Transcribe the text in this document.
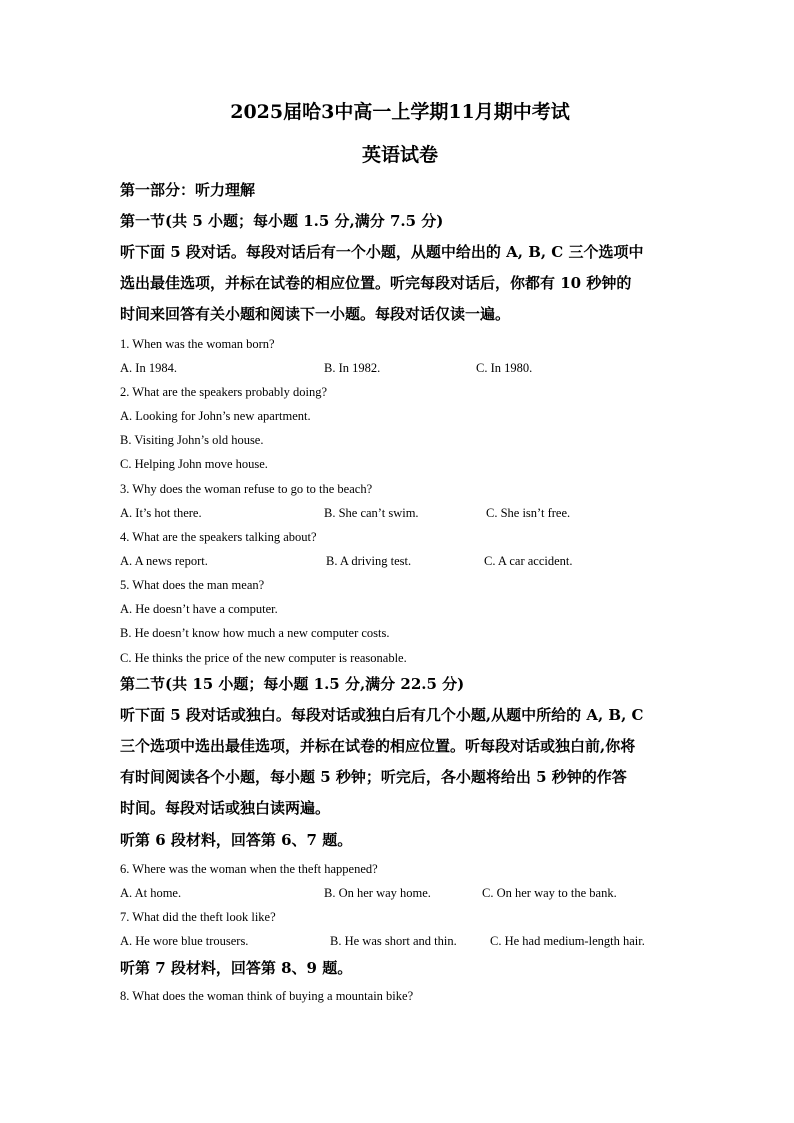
2025届哈3中高一上学期11月期中考试
英语试卷
第一部分：听力理解
第一节(共 5 小题；每小题 1.5 分,满分 7.5 分)
听下面 5 段对话。每段对话后有一个小题，从题中给出的 A, B, C 三个选项中
选出最佳选项，并标在试卷的相应位置。听完每段对话后，你都有 10 秒钟的
时间来回答有关小题和阅读下一小题。每段对话仅读一遍。
1. When was the woman born?
A. In 1984.	B. In 1982.	C. In 1980.
2. What are the speakers probably doing?
A. Looking for John’s new apartment.
B. Visiting John’s old house.
C. Helping John move house.
3. Why does the woman refuse to go to the beach?
A. It’s hot there.	B. She can’t swim.	C. She isn’t free.
4. What are the speakers talking about?
A. A news report.	B. A driving test.	C. A car accident.
5. What does the man mean?
A. He doesn’t have a computer.
B. He doesn’t know how much a new computer costs.
C. He thinks the price of the new computer is reasonable.
第二节(共 15 小题；每小题 1.5 分,满分 22.5 分)
听下面 5 段对话或独白。每段对话或独白后有几个小题,从题中所给的 A, B, C
三个选项中选出最佳选项，并标在试卷的相应位置。听每段对话或独白前,你将
有时间阅读各个小题，每小题 5 秒钟；听完后，各小题将给出 5 秒钟的作答
时间。每段对话或独白读两遍。
听第 6 段材料，回答第 6、7 题。
6. Where was the woman when the theft happened?
A. At home.	B. On her way home.	C. On her way to the bank.
7. What did the theft look like?
A. He wore blue trousers.	B. He was short and thin.	C. He had medium-length hair.
听第 7 段材料，回答第 8、9 题。
8. What does the woman think of buying a mountain bike?
